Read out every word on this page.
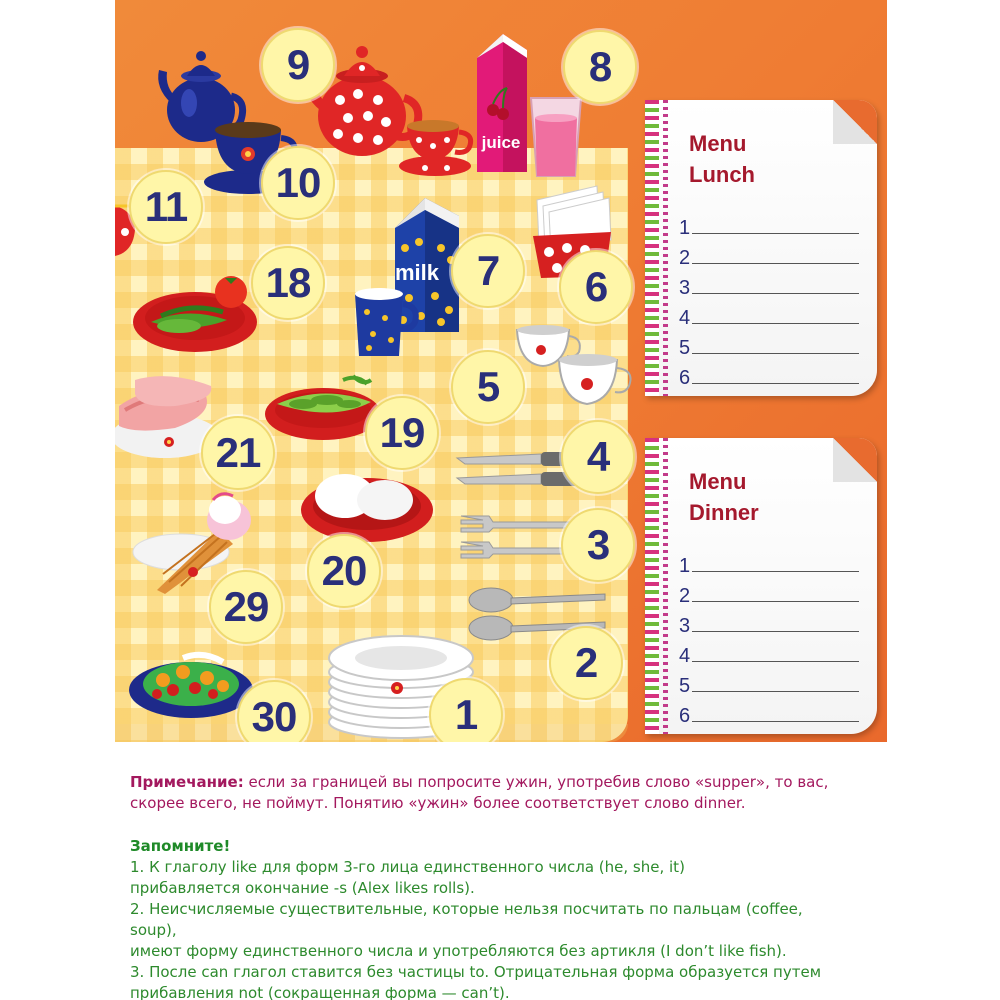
juice
milk
9	8
10
11
18	7	6
5
19
21	4
3
20
29
2
30	1
Menu
Lunch
1
2
3
4
5
6
Menu
Dinner
1
2
3
4
5
6

Примечание: если за границей вы попросите ужин, употребив слово «supper», то вас,

скорее всего, не поймут. Понятию «ужин» более соответствует слово dinner.

Запомните!

1. К глаголу like для форм 3-го лица единственного числа (he, she, it)

прибавляется окончание -s (Alex likes rolls).

2. Неисчисляемые существительные, которые нельзя посчитать по пальцам (coffee, soup),

имеют форму единственного числа и употребляются без артикля (I don’t like fish).

3. После can глагол ставится без частицы to. Отрицательная форма образуется путем

прибавления not (сокращенная форма — can’t).
